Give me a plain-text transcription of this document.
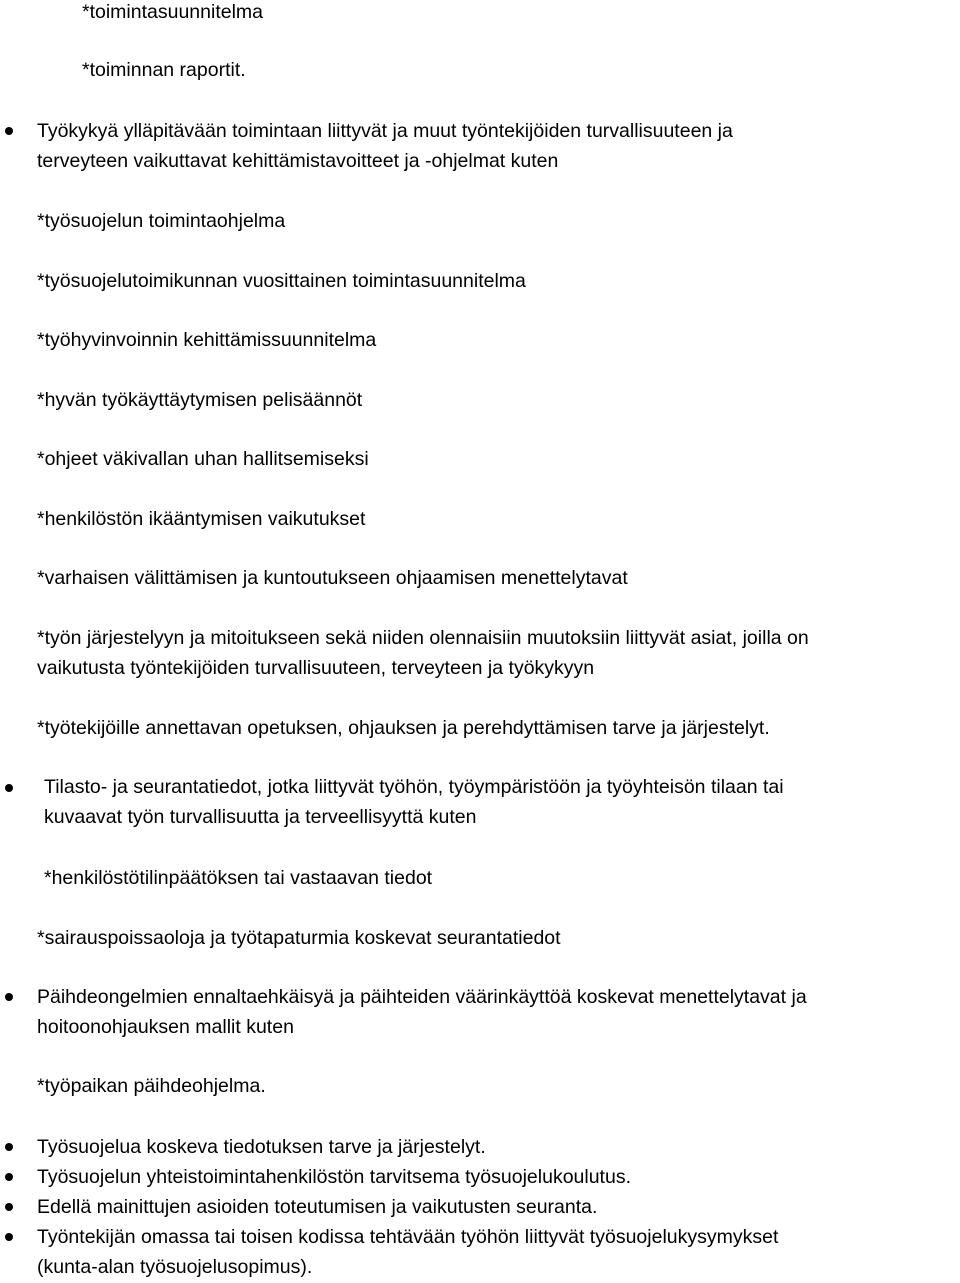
*toimintasuunnitelma
*toiminnan raportit.
Työkykyä ylläpitävään toimintaan liittyvät ja muut työntekijöiden turvallisuuteen ja
terveyteen vaikuttavat kehittämistavoitteet ja -ohjelmat kuten
*työsuojelun toimintaohjelma
*työsuojelutoimikunnan vuosittainen toimintasuunnitelma
*työhyvinvoinnin kehittämissuunnitelma
*hyvän työkäyttäytymisen pelisäännöt
*ohjeet väkivallan uhan hallitsemiseksi
*henkilöstön ikääntymisen vaikutukset
*varhaisen välittämisen ja kuntoutukseen ohjaamisen menettelytavat
*työn järjestelyyn ja mitoitukseen sekä niiden olennaisiin muutoksiin liittyvät asiat, joilla on
vaikutusta työntekijöiden turvallisuuteen, terveyteen ja työkykyyn
*työtekijöille annettavan opetuksen, ohjauksen ja perehdyttämisen tarve ja järjestelyt.
Tilasto- ja seurantatiedot, jotka liittyvät työhön, työympäristöön ja työyhteisön tilaan tai
kuvaavat työn turvallisuutta ja terveellisyyttä kuten
*henkilöstötilinpäätöksen tai vastaavan tiedot
*sairauspoissaoloja ja työtapaturmia koskevat seurantatiedot
Päihdeongelmien ennaltaehkäisyä ja päihteiden väärinkäyttöä koskevat menettelytavat ja
hoitoonohjauksen mallit kuten
*työpaikan päihdeohjelma.
Työsuojelua koskeva tiedotuksen tarve ja järjestelyt.
Työsuojelun yhteistoimintahenkilöstön tarvitsema työsuojelukoulutus.
Edellä mainittujen asioiden toteutumisen ja vaikutusten seuranta.
Työntekijän omassa tai toisen kodissa tehtävään työhön liittyvät työsuojelukysymykset
(kunta-alan työsuojelusopimus).
